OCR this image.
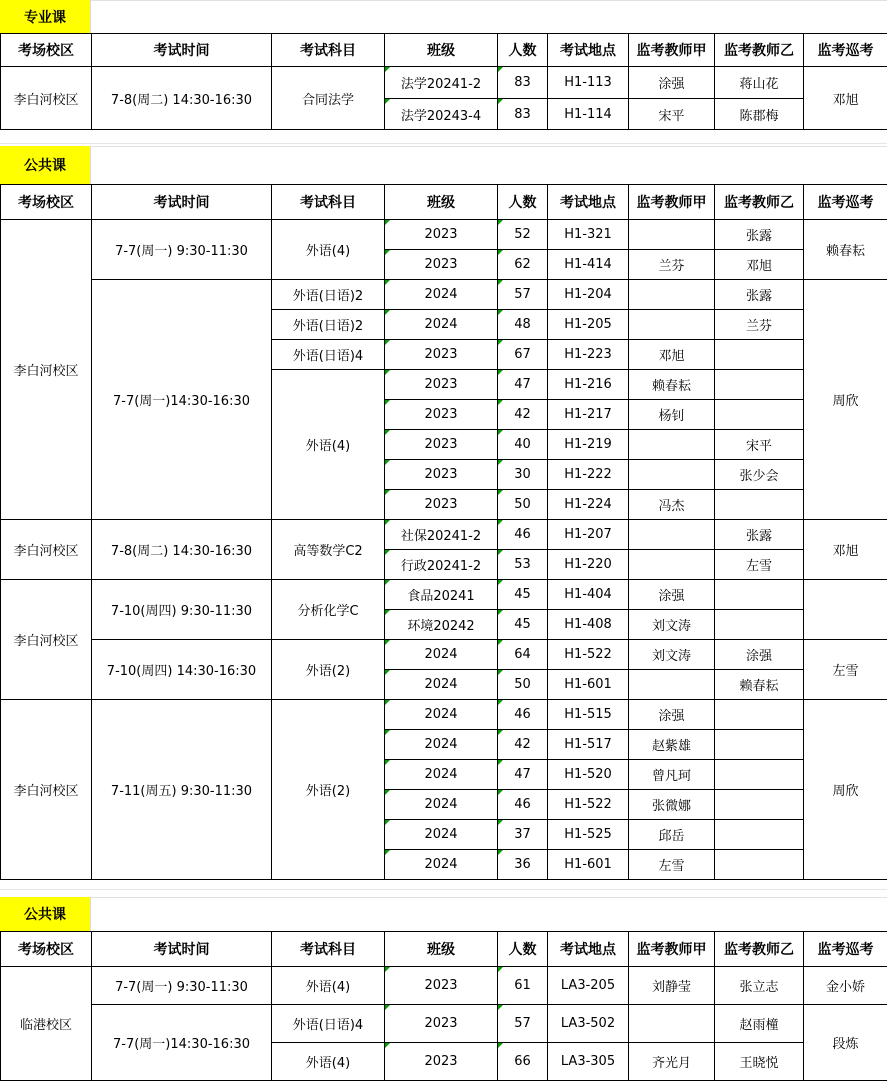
专业课
考场校区	考试时间	考试科目	班级	人数	考试地点	监考教师甲	监考教师乙	监考巡考
李白河校区	7-8(周二) 14:30-16:30	合同法学	法学20241-2	83	H1-113	涂强	蒋山花	邓旭
			法学20243-4	83	H1-114	宋平	陈郡梅	
公共课
考场校区	考试时间	考试科目	班级	人数	考试地点	监考教师甲	监考教师乙	监考巡考
李白河校区	7-7(周一) 9:30-11:30	外语(4)	2023	52	H1-321		张露	赖春耘
			2023	62	H1-414	兰芬	邓旭	
	7-7(周一)14:30-16:30	外语(日语)2	2024	57	H1-204		张露	周欣
		外语(日语)2	2024	48	H1-205		兰芬	
		外语(日语)4	2023	67	H1-223	邓旭		
		外语(4)	2023	47	H1-216	赖春耘		
			2023	42	H1-217	杨钊		
			2023	40	H1-219		宋平	
			2023	30	H1-222		张少会	
			2023	50	H1-224	冯杰		
李白河校区	7-8(周二) 14:30-16:30	高等数学C2	社保20241-2	46	H1-207		张露	邓旭
			行政20241-2	53	H1-220		左雪	
李白河校区	7-10(周四) 9:30-11:30	分析化学C	食品20241	45	H1-404	涂强		
			环境20242	45	H1-408	刘文涛		
	7-10(周四) 14:30-16:30	外语(2)	2024	64	H1-522	刘文涛	涂强	左雪
			2024	50	H1-601		赖春耘	
李白河校区	7-11(周五) 9:30-11:30	外语(2)	2024	46	H1-515	涂强		周欣
			2024	42	H1-517	赵紫雄		
			2024	47	H1-520	曾凡珂		
			2024	46	H1-522	张微娜		
			2024	37	H1-525	邱岳		
			2024	36	H1-601	左雪		
公共课
考场校区	考试时间	考试科目	班级	人数	考试地点	监考教师甲	监考教师乙	监考巡考
临港校区	7-7(周一) 9:30-11:30	外语(4)	2023	61	LA3-205	刘静莹	张立志	金小娇
	7-7(周一)14:30-16:30	外语(日语)4	2023	57	LA3-502		赵雨橦	段炼
		外语(4)	2023	66	LA3-305	齐光月	王晓悦	
